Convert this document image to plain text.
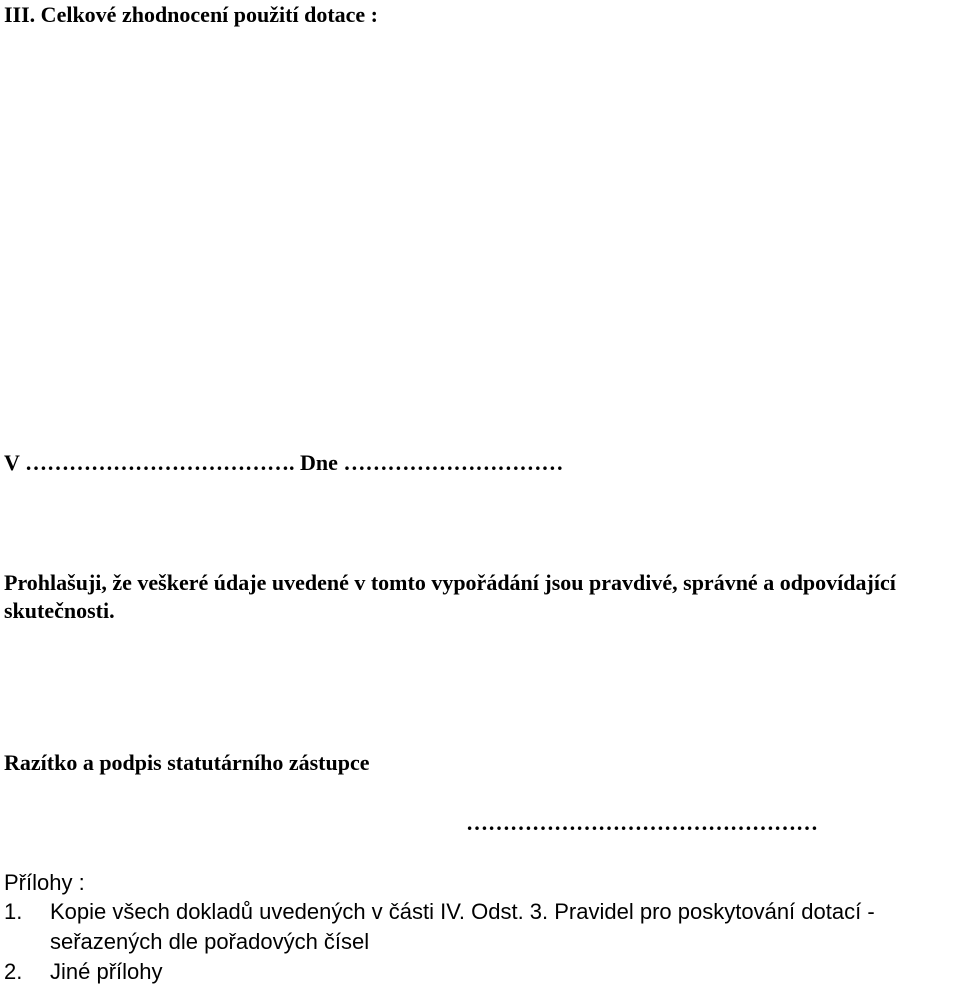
III. Celkové zhodnocení použití dotace :
V ………………………………. Dne …………………………
Prohlašuji, že veškeré údaje uvedené v tomto vypořádání jsou pravdivé, správné a odpovídající skutečnosti.
Razítko a podpis statutárního zástupce
…………………………………………
Přílohy :
1. Kopie všech dokladů uvedených v části IV. Odst. 3. Pravidel pro poskytování dotací -
seřazených dle pořadových čísel
2. Jiné přílohy
